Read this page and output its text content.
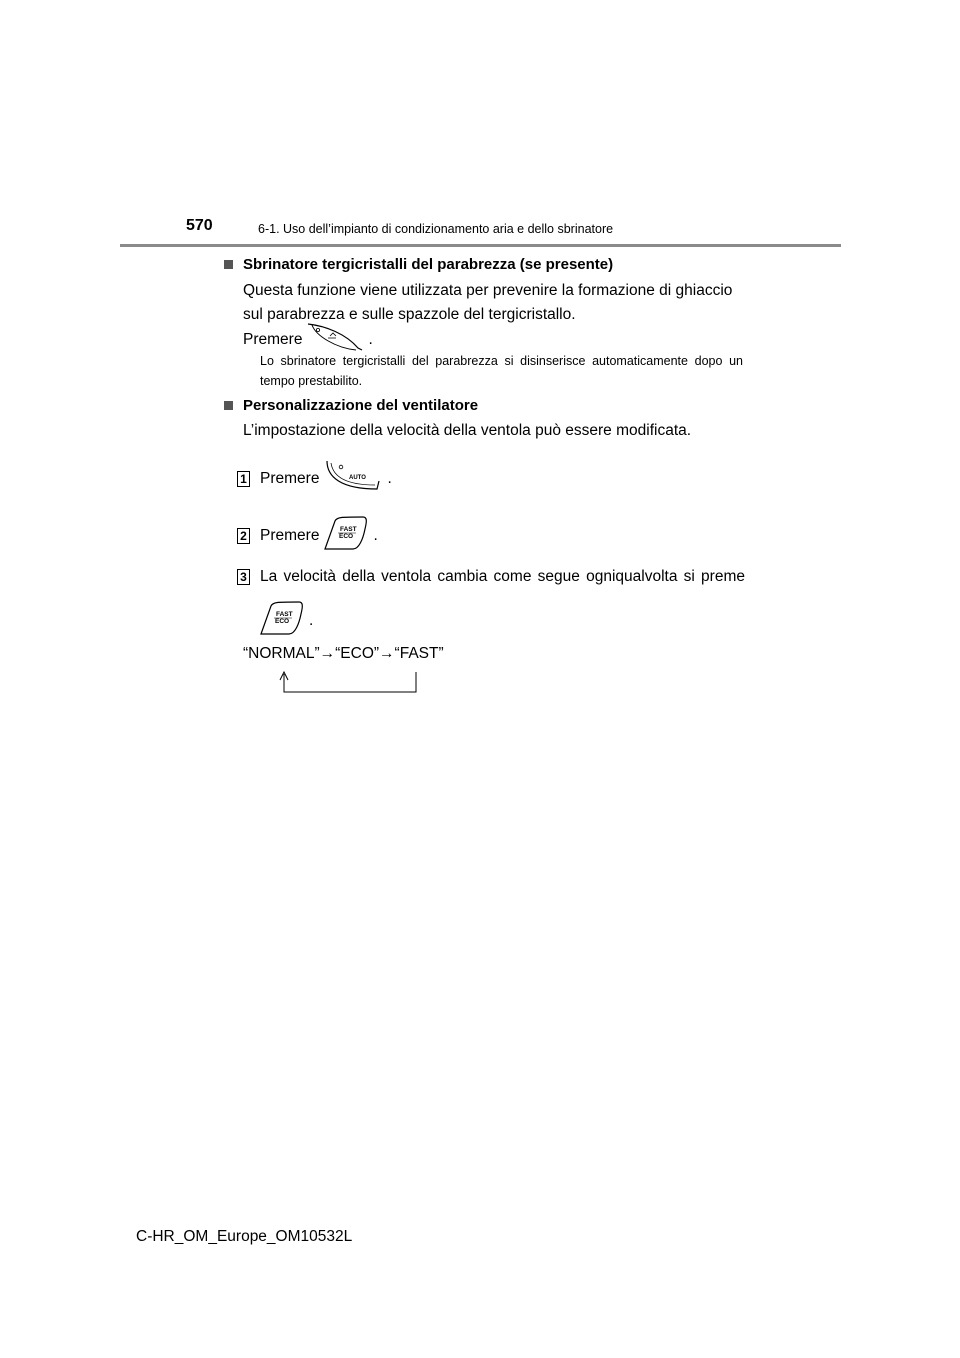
570	6-1. Uso dell’impianto di condizionamento aria e dello sbrinatore
Sbrinatore tergicristalli del parabrezza (se presente)
Questa funzione viene utilizzata per prevenire la formazione di ghiaccio sul parabrezza e sulle spazzole del tergicristallo.
Premere	.
Lo sbrinatore tergicristalli del parabrezza si disinserisce automaticamente dopo un tempo prestabilito.
Personalizzazione del ventilatore
L’impostazione della velocità della ventola può essere modificata.
1 Premere	AUTO .
2 Premere	FAST
ECO .
3 La velocità della ventola cambia come segue ogniqualvolta si preme
FAST
ECO .
“NORMAL”→“ECO”→“FAST”
C-HR_OM_Europe_OM10532L
